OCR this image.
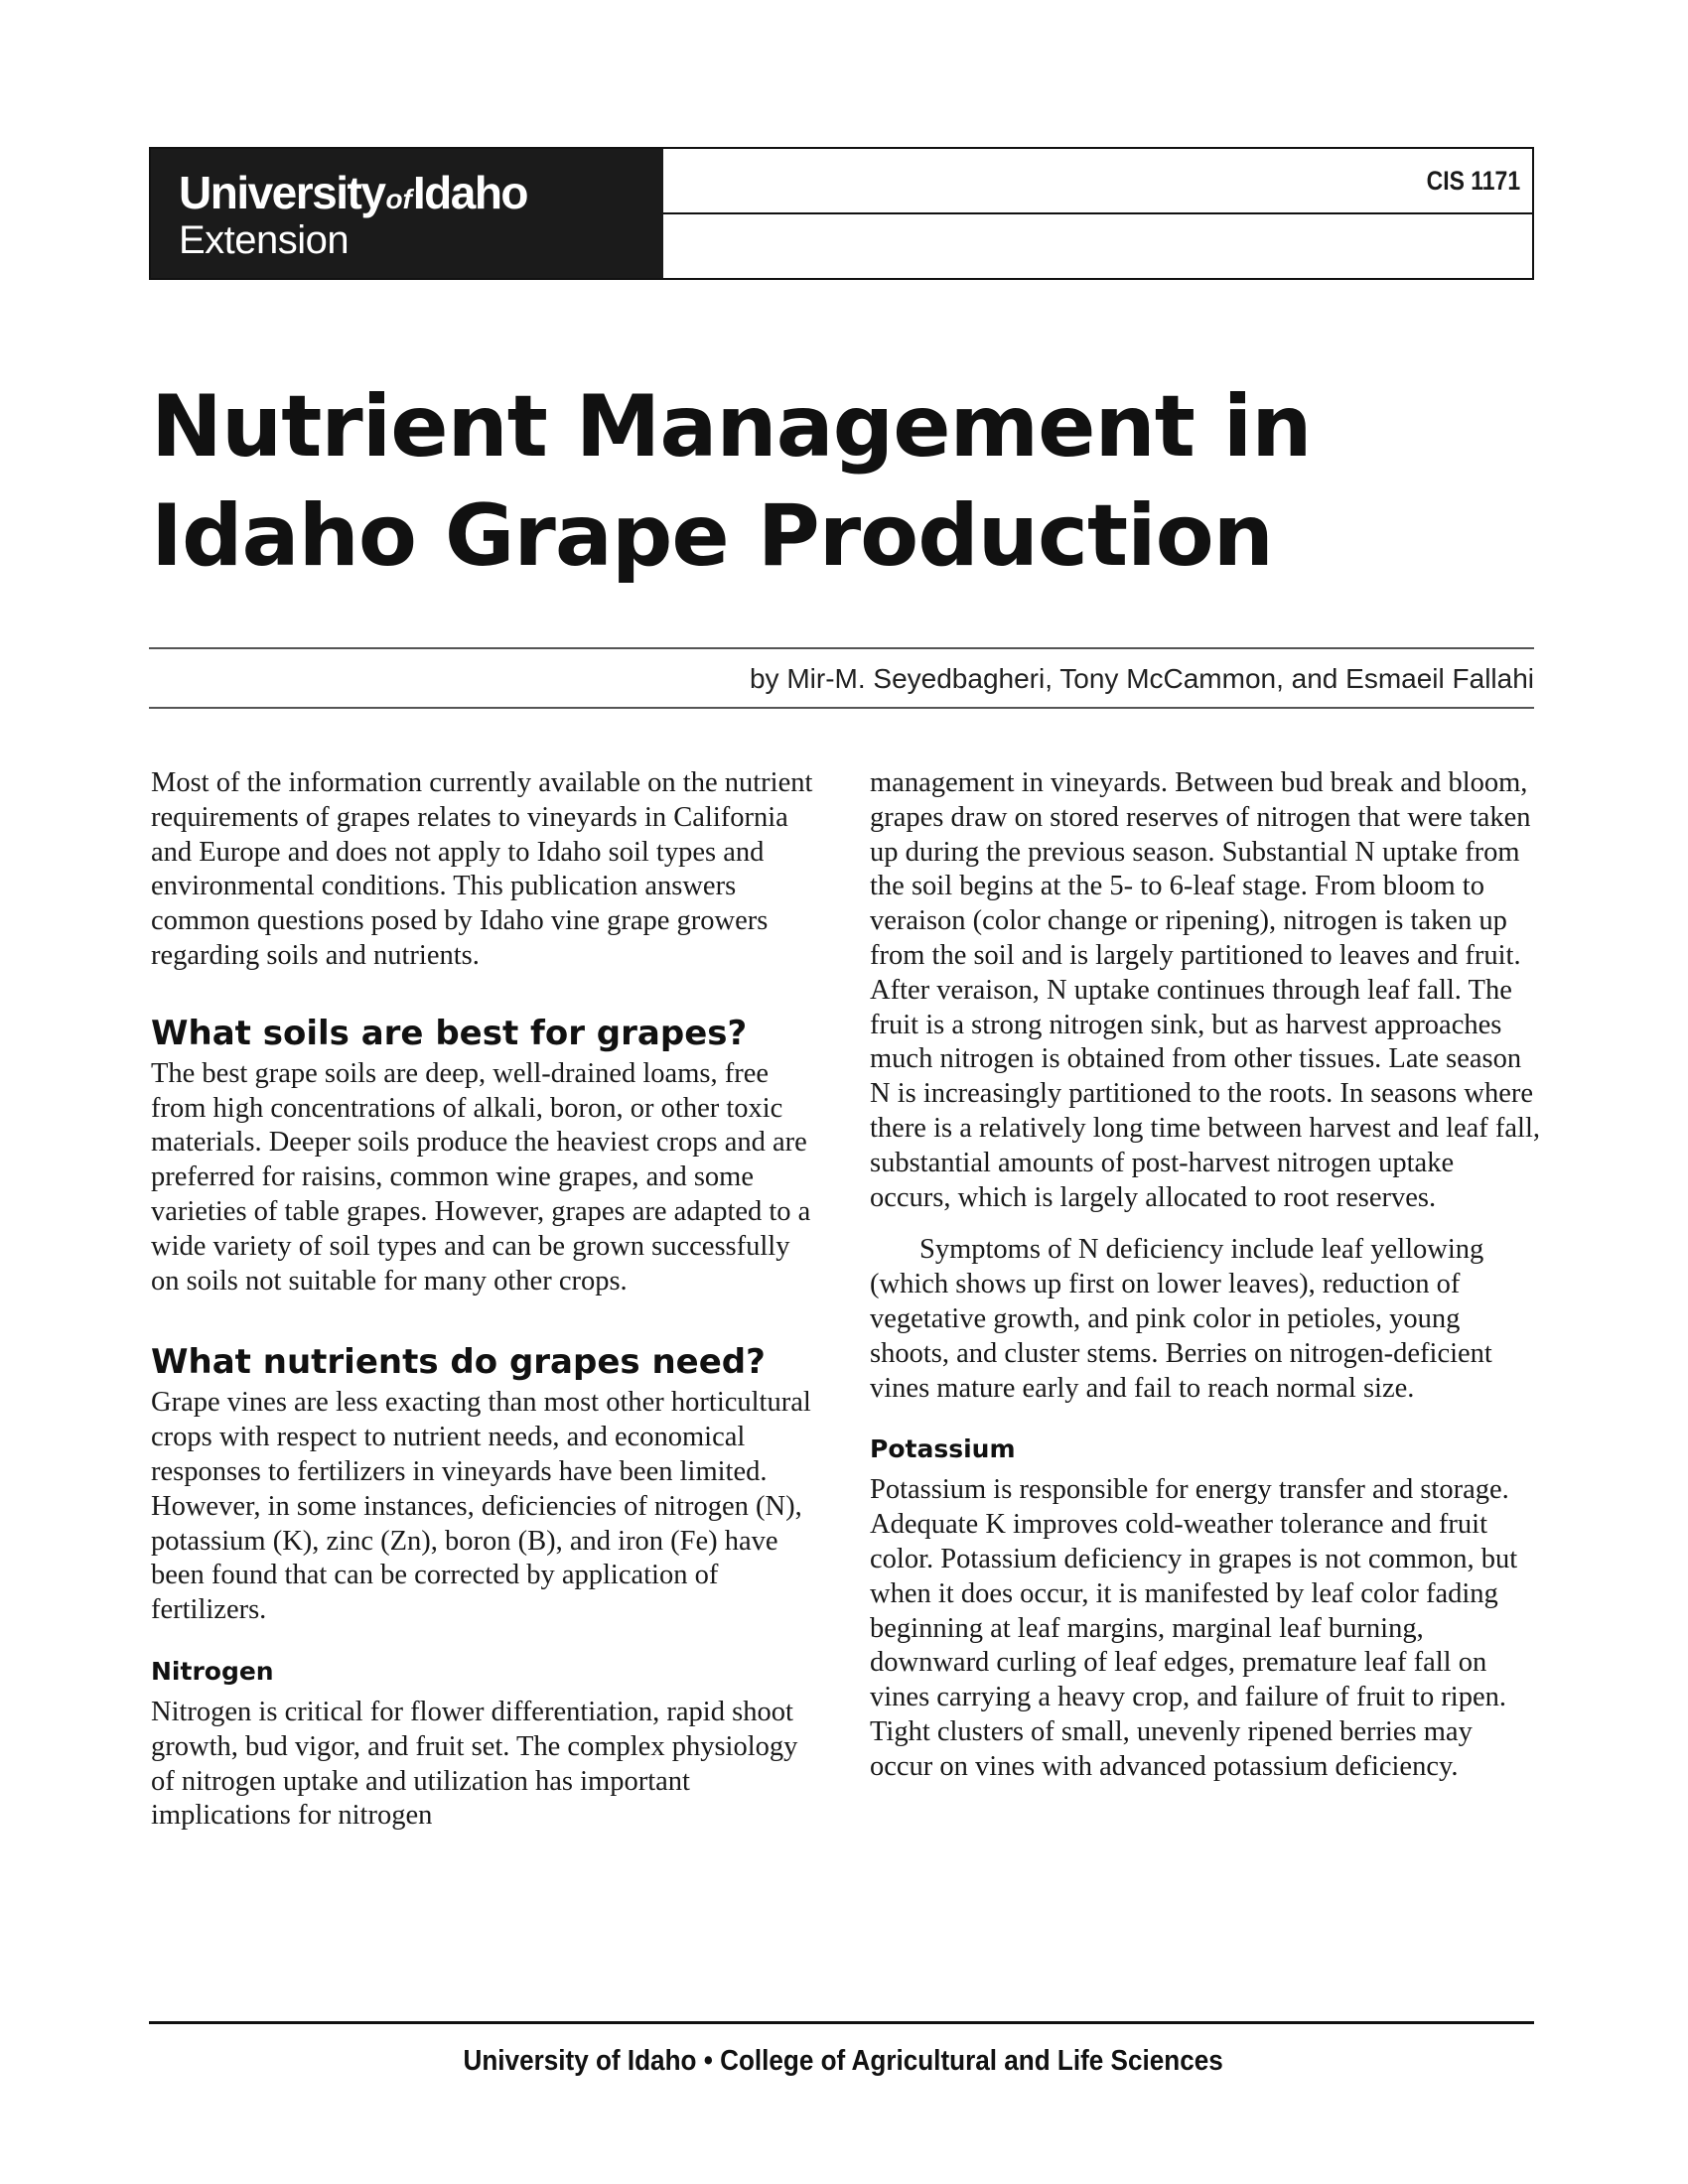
UniversityofIdaho
Extension
CIS 1171
Nutrient Management in
Idaho Grape Production
by Mir-M. Seyedbagheri, Tony McCammon, and Esmaeil Fallahi

Most of the information currently available on the nutrient requirements of grapes relates to vineyards in California and Europe and does not apply to Idaho soil types and environmental conditions. This publication answers common questions posed by Idaho vine grape growers regarding soils and nutrients.

What soils are best for grapes?

The best grape soils are deep, well-drained loams, free from high concentrations of alkali, boron, or other toxic materials. Deeper soils produce the heaviest crops and are preferred for raisins, common wine grapes, and some varieties of table grapes. However, grapes are adapted to a wide variety of soil types and can be grown successfully on soils not suitable for many other crops.

What nutrients do grapes need?

Grape vines are less exacting than most other horticultural crops with respect to nutrient needs, and economical responses to fertilizers in vineyards have been limited. However, in some instances, deficiencies of nitrogen (N), potassium (K), zinc (Zn), boron (B), and iron (Fe) have been found that can be corrected by application of fertilizers.

Nitrogen

Nitrogen is critical for flower differentiation, rapid shoot growth, bud vigor, and fruit set. The complex physiology of nitrogen uptake and utilization has important implications for nitrogen

management in vineyards. Between bud break and bloom, grapes draw on stored reserves of nitrogen that were taken up during the previous season. Substantial N uptake from the soil begins at the 5- to 6-leaf stage. From bloom to veraison (color change or ripening), nitrogen is taken up from the soil and is largely partitioned to leaves and fruit. After veraison, N uptake continues through leaf fall. The fruit is a strong nitrogen sink, but as harvest approaches much nitrogen is obtained from other tissues. Late season N is increasingly partitioned to the roots. In seasons where there is a relatively long time between harvest and leaf fall, substantial amounts of post-harvest nitrogen uptake occurs, which is largely allocated to root reserves.

Symptoms of N deficiency include leaf yellowing (which shows up first on lower leaves), reduction of vegetative growth, and pink color in petioles, young shoots, and cluster stems. Berries on nitrogen-deficient vines mature early and fail to reach normal size.

Potassium

Potassium is responsible for energy transfer and storage. Adequate K improves cold-weather tolerance and fruit color. Potassium deficiency in grapes is not common, but when it does occur, it is manifested by leaf color fading beginning at leaf margins, marginal leaf burning, downward curling of leaf edges, premature leaf fall on vines carrying a heavy crop, and failure of fruit to ripen. Tight clusters of small, unevenly ripened berries may occur on vines with advanced potassium deficiency.

University of Idaho • College of Agricultural and Life Sciences
